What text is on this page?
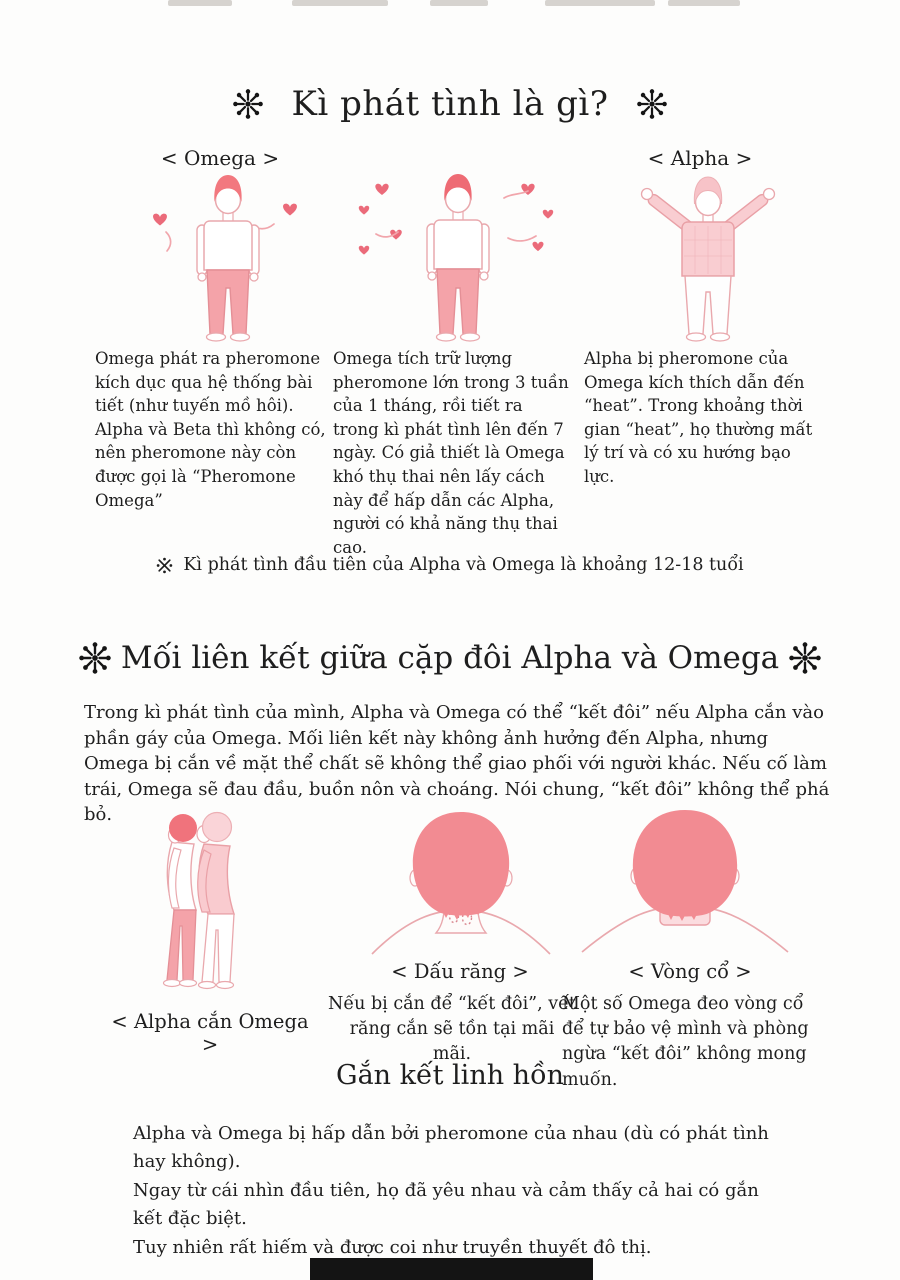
Kì phát tình là gì?
< Omega >	< Alpha >
Omega phát ra pheromone kích dục qua hệ thống bài tiết (như tuyến mồ hôi). Alpha và Beta thì không có, nên pheromone này còn được gọi là “Pheromone Omega”
Omega tích trữ lượng pheromone lớn trong 3 tuần của 1 tháng, rồi tiết ra trong kì phát tình lên đến 7 ngày. Có giả thiết là Omega khó thụ thai nên lấy cách này để hấp dẫn các Alpha, người có khả năng thụ thai cao.
Alpha bị pheromone của Omega kích thích dẫn đến “heat”. Trong khoảng thời gian “heat”, họ thường mất lý trí và có xu hướng bạo lực.
Kì phát tình đầu tiên của Alpha và Omega là khoảng 12-18 tuổi
Mối liên kết giữa cặp đôi Alpha và Omega
Trong kì phát tình của mình, Alpha và Omega có thể “kết đôi” nếu Alpha cắn vào phần gáy của Omega. Mối liên kết này không ảnh hưởng đến Alpha, nhưng Omega bị cắn về mặt thể chất sẽ không thể giao phối với người khác. Nếu cố làm trái, Omega sẽ đau đầu, buồn nôn và choáng. Nói chung, “kết đôi” không thể phá bỏ.
< Dấu răng >	< Vòng cổ >
Nếu bị cắn để “kết đôi”, vết răng cắn sẽ tồn tại mãi mãi.
Một số Omega đeo vòng cổ để tự bảo vệ mình và phòng ngừa “kết đôi” không mong muốn.
< Alpha cắn Omega >
Gắn kết linh hồn
Alpha và Omega bị hấp dẫn bởi pheromone của nhau (dù có phát tình hay không).
Ngay từ cái nhìn đầu tiên, họ đã yêu nhau và cảm thấy cả hai có gắn kết đặc biệt.
Tuy nhiên rất hiếm và được coi như truyền thuyết đô thị.
